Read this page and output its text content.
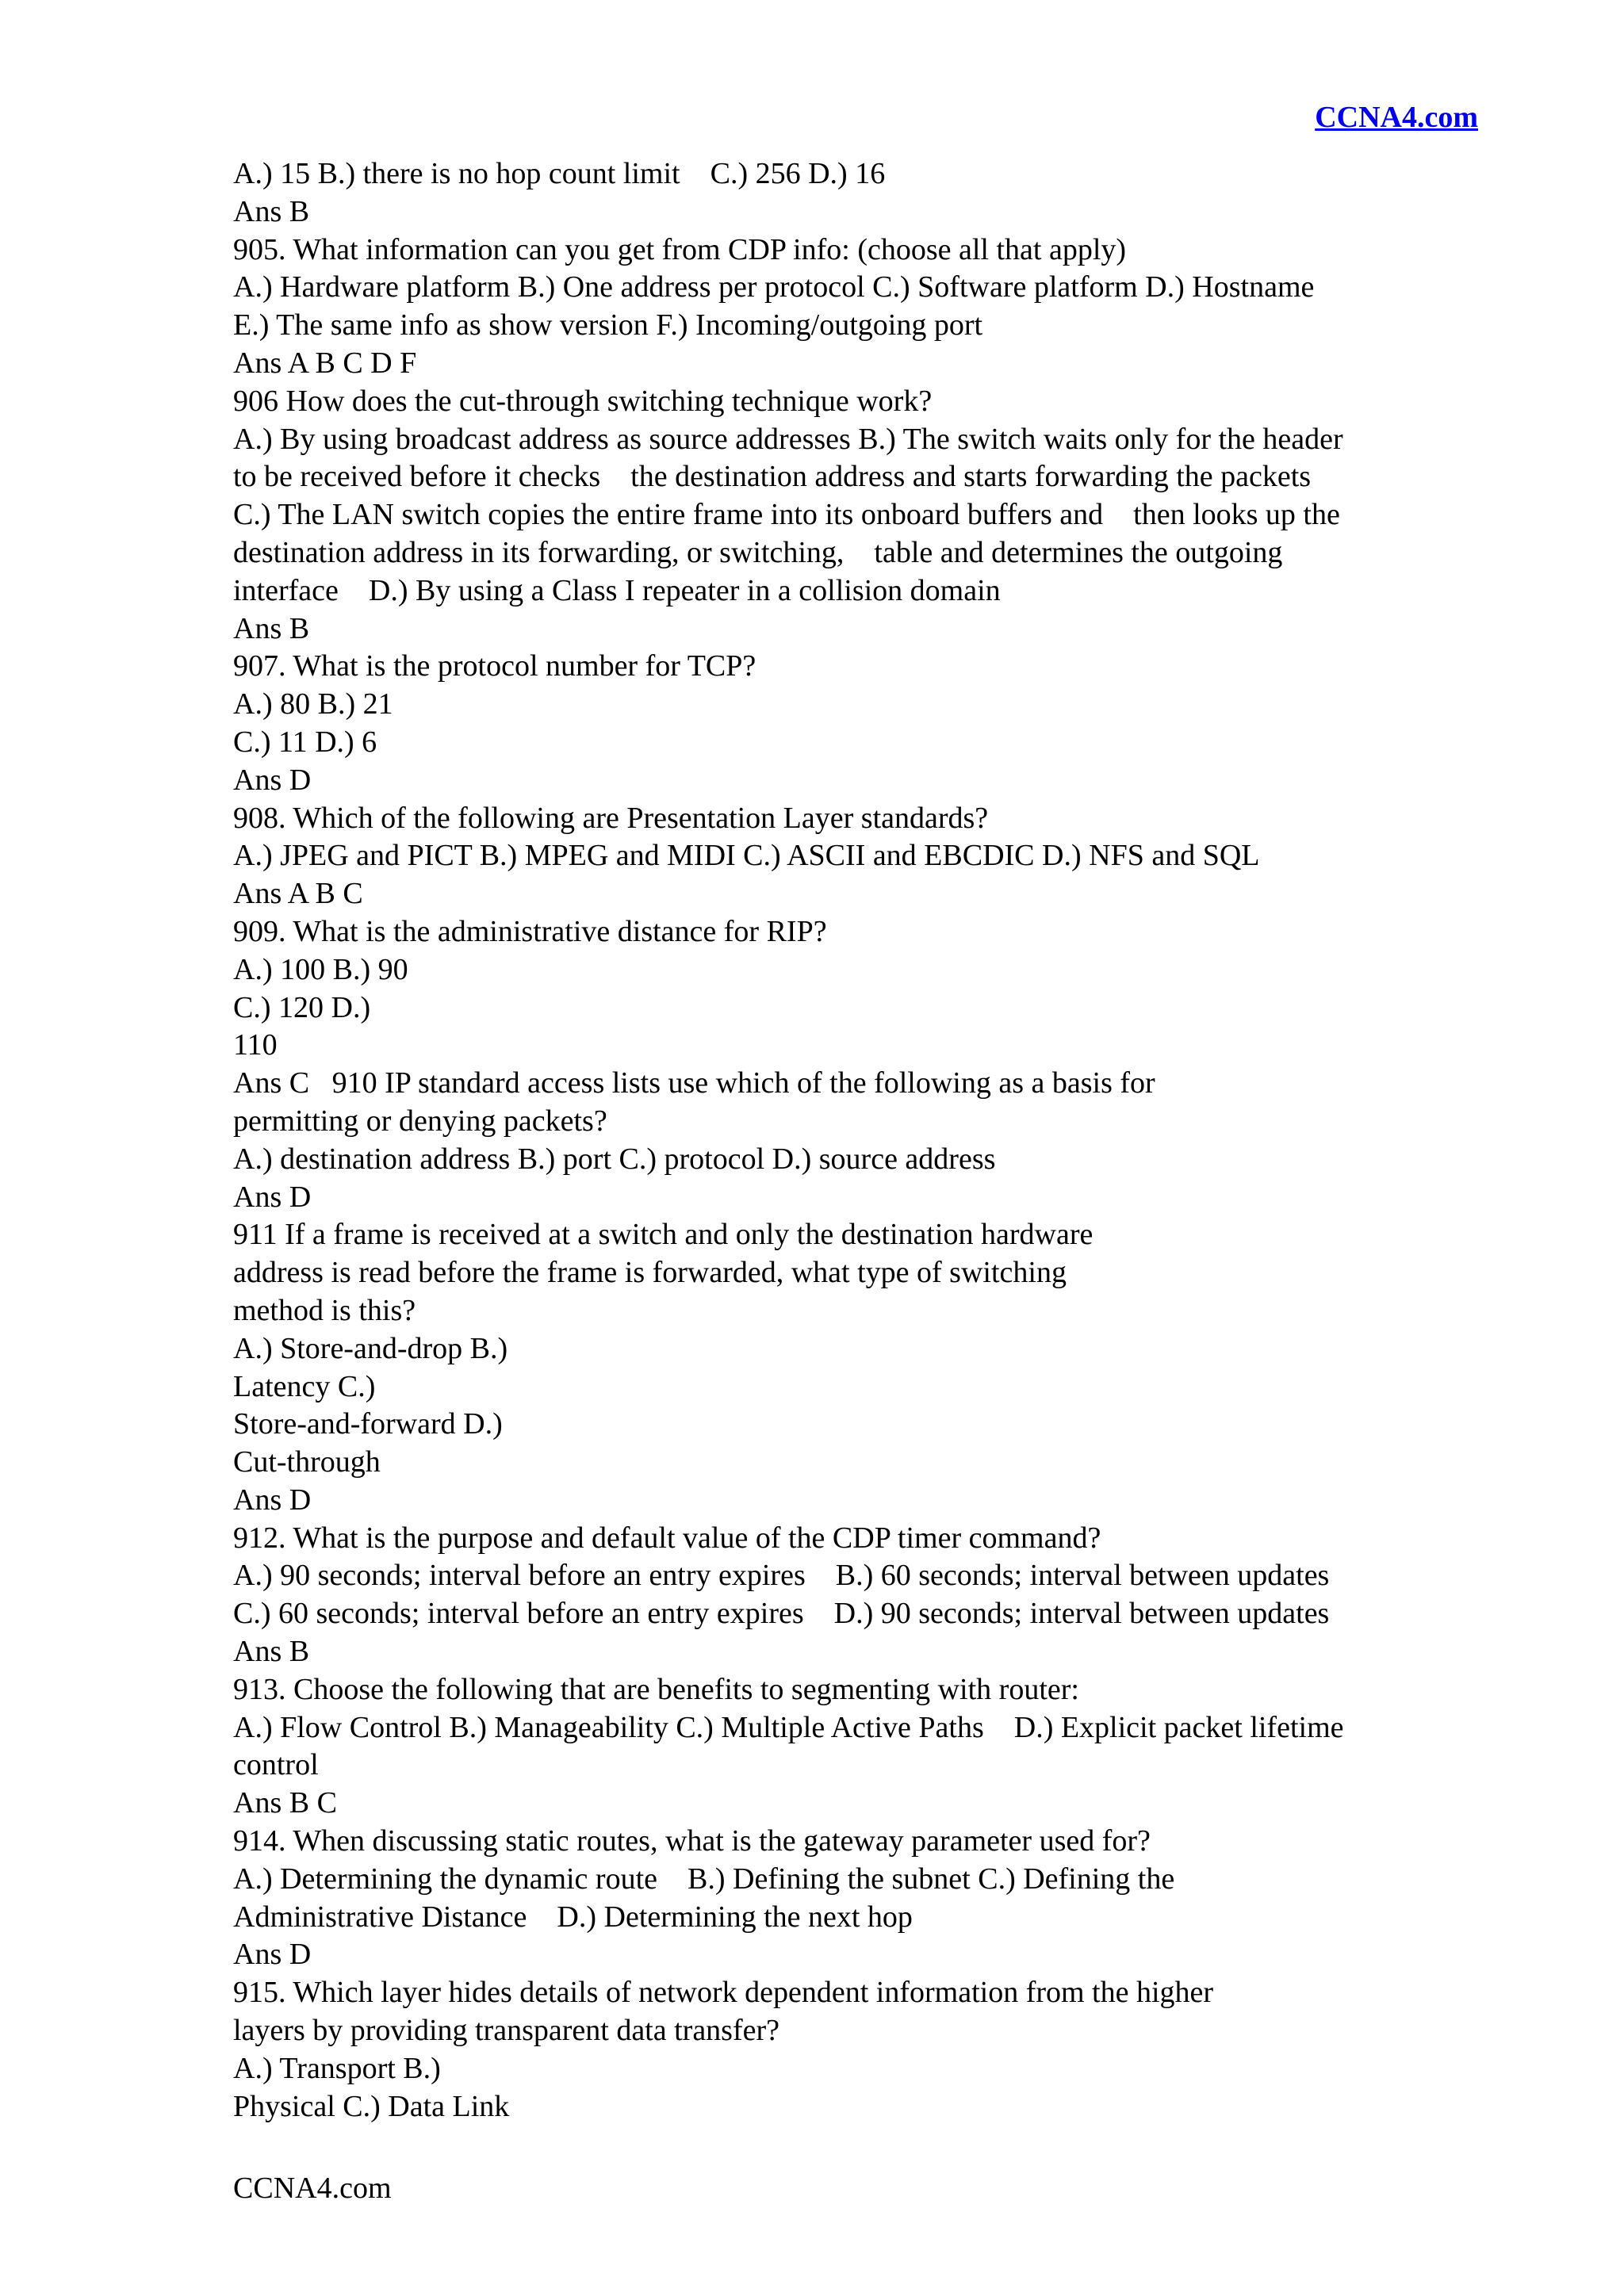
CCNA4.com
A.) 15 B.) there is no hop count limit    C.) 256 D.) 16
Ans B
905. What information can you get from CDP info: (choose all that apply)
A.) Hardware platform B.) One address per protocol C.) Software platform D.) Hostname
E.) The same info as show version F.) Incoming/outgoing port
Ans A B C D F
906 How does the cut-through switching technique work?
A.) By using broadcast address as source addresses B.) The switch waits only for the header
to be received before it checks    the destination address and starts forwarding the packets
C.) The LAN switch copies the entire frame into its onboard buffers and    then looks up the
destination address in its forwarding, or switching,    table and determines the outgoing
interface    D.) By using a Class I repeater in a collision domain
Ans B
907. What is the protocol number for TCP?
A.) 80 B.) 21
C.) 11 D.) 6
Ans D
908. Which of the following are Presentation Layer standards?
A.) JPEG and PICT B.) MPEG and MIDI C.) ASCII and EBCDIC D.) NFS and SQL
Ans A B C
909. What is the administrative distance for RIP?
A.) 100 B.) 90
C.) 120 D.)
110
Ans C   910 IP standard access lists use which of the following as a basis for
permitting or denying packets?
A.) destination address B.) port C.) protocol D.) source address
Ans D
911 If a frame is received at a switch and only the destination hardware
address is read before the frame is forwarded, what type of switching
method is this?
A.) Store-and-drop B.)
Latency C.)
Store-and-forward D.)
Cut-through
Ans D
912. What is the purpose and default value of the CDP timer command?
A.) 90 seconds; interval before an entry expires    B.) 60 seconds; interval between updates
C.) 60 seconds; interval before an entry expires    D.) 90 seconds; interval between updates
Ans B
913. Choose the following that are benefits to segmenting with router:
A.) Flow Control B.) Manageability C.) Multiple Active Paths    D.) Explicit packet lifetime
control
Ans B C
914. When discussing static routes, what is the gateway parameter used for?
A.) Determining the dynamic route    B.) Defining the subnet C.) Defining the
Administrative Distance    D.) Determining the next hop
Ans D
915. Which layer hides details of network dependent information from the higher
layers by providing transparent data transfer?
A.) Transport B.)
Physical C.) Data Link
CCNA4.com
